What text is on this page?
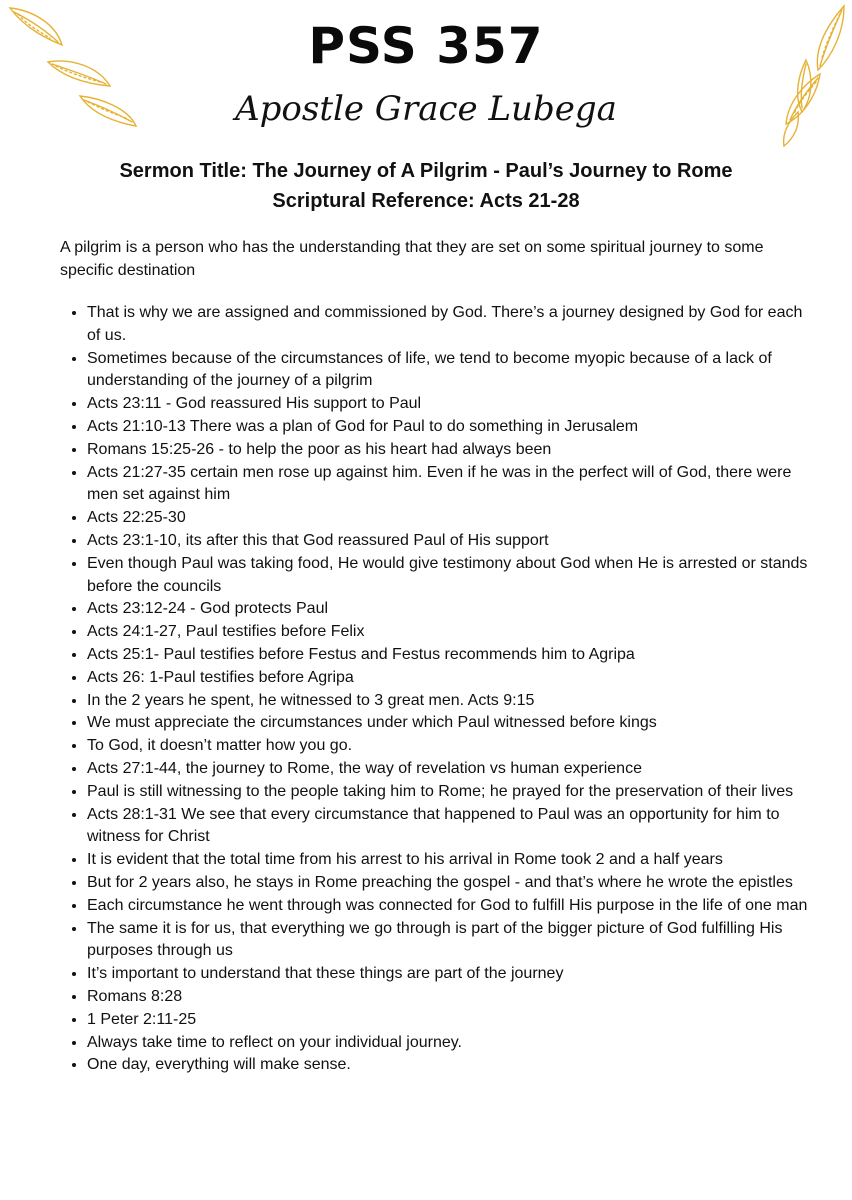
PSS 357
Apostle Grace Lubega
Sermon Title: The Journey of A Pilgrim - Paul’s Journey to Rome
Scriptural Reference: Acts 21-28

A pilgrim is a person who has the understanding that they are set on some spiritual journey to some specific destination

• That is why we are assigned and commissioned by God. There’s a journey designed by God for each of us.
• Sometimes because of the circumstances of life, we tend to become myopic because of a lack of understanding of the journey of a pilgrim
• Acts 23:11 - God reassured His support to Paul
• Acts 21:10-13 There was a plan of God for Paul to do something in Jerusalem
• Romans 15:25-26 - to help the poor as his heart had always been
• Acts 21:27-35 certain men rose up against him. Even if he was in the perfect will of God, there were men set against him
• Acts 22:25-30
• Acts 23:1-10, its after this that God reassured Paul of His support
• Even though Paul was taking food, He would give testimony about God when He is arrested or stands before the councils
• Acts 23:12-24 - God protects Paul
• Acts 24:1-27, Paul testifies before Felix
• Acts 25:1- Paul testifies before Festus and Festus recommends him to Agripa
• Acts 26: 1-Paul testifies before Agripa
• In the 2 years he spent, he witnessed to 3 great men. Acts 9:15
• We must appreciate the circumstances under which Paul witnessed before kings
• To God, it doesn’t matter how you go.
• Acts 27:1-44, the journey to Rome, the way of revelation vs human experience
• Paul is still witnessing to the people taking him to Rome; he prayed for the preservation of their lives
• Acts 28:1-31 We see that every circumstance that happened to Paul was an opportunity for him to witness for Christ
• It is evident that the total time from his arrest to his arrival in Rome took 2 and a half years
• But for 2 years also, he stays in Rome preaching the gospel - and that’s where he wrote the epistles
• Each circumstance he went through was connected for God to fulfill His purpose in the life of one man
• The same it is for us, that everything we go through is part of the bigger picture of God fulfilling His purposes through us
• It’s important to understand that these things are part of the journey
• Romans 8:28
• 1 Peter 2:11-25
• Always take time to reflect on your individual journey.
• One day, everything will make sense.
